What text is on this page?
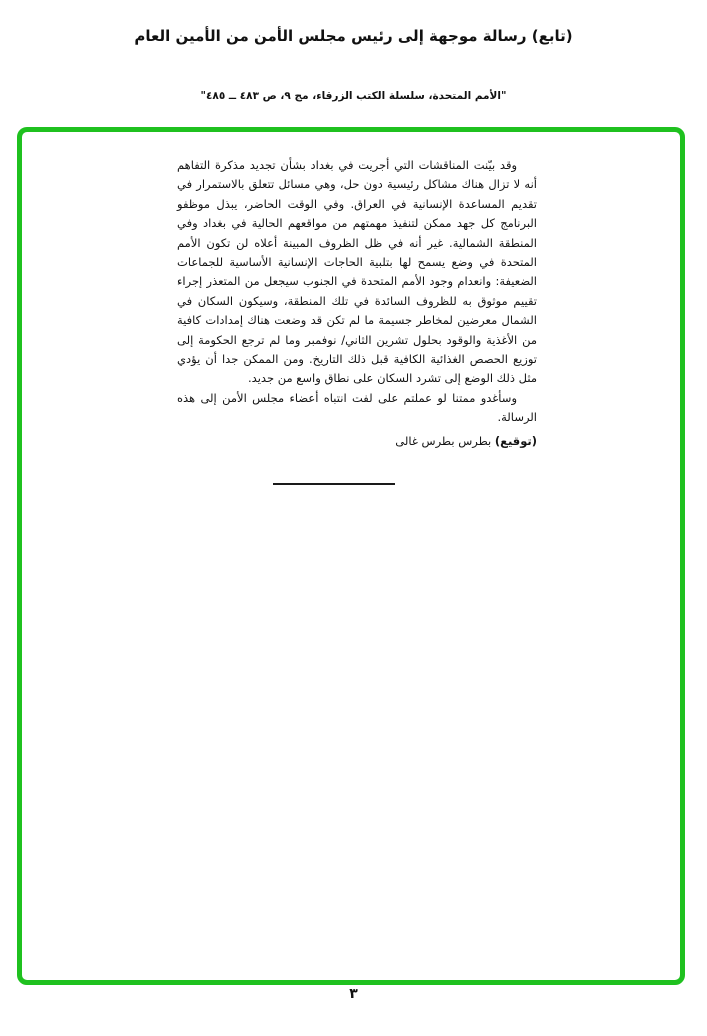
(تابع) رسالة موجهة إلى رئيس مجلس الأمن من الأمين العام
"الأمم المتحدة، سلسلة الكتب الزرقاء، مج ٩، ص ٤٨٣ ــ ٤٨٥"

وقد بيّنت المناقشات التي أجريت في بغداد بشأن تجديد مذكرة التفاهم أنه لا تزال هناك مشاكل رئيسية دون حل، وهي مسائل تتعلق بالاستمرار في تقديم المساعدة الإنسانية في العراق. وفي الوقت الحاضر، يبذل موظفو البرنامج كل جهد ممكن لتنفيذ مهمتهم من مواقعهم الحالية في بغداد وفي المنطقة الشمالية. غير أنه في ظل الظروف المبينة أعلاه لن تكون الأمم المتحدة في وضع يسمح لها بتلبية الحاجات الإنسانية الأساسية للجماعات الضعيفة: وانعدام وجود الأمم المتحدة في الجنوب سيجعل من المتعذر إجراء تقييم موثوق به للظروف السائدة في تلك المنطقة، وسيكون السكان في الشمال معرضين لمخاطر جسيمة ما لم تكن قد وضعت هناك إمدادات كافية من الأغذية والوقود بحلول تشرين الثاني/ نوفمبر وما لم ترجع الحكومة إلى توزيع الحصص الغذائية الكافية قبل ذلك التاريخ. ومن الممكن جدا أن يؤدي مثل ذلك الوضع إلى تشرد السكان على نطاق واسع من جديد.

وسأغدو ممتنا لو عملتم على لفت انتباه أعضاء مجلس الأمن إلى هذه الرسالة.

(توقيع) بطرس بطرس غالى

٣
